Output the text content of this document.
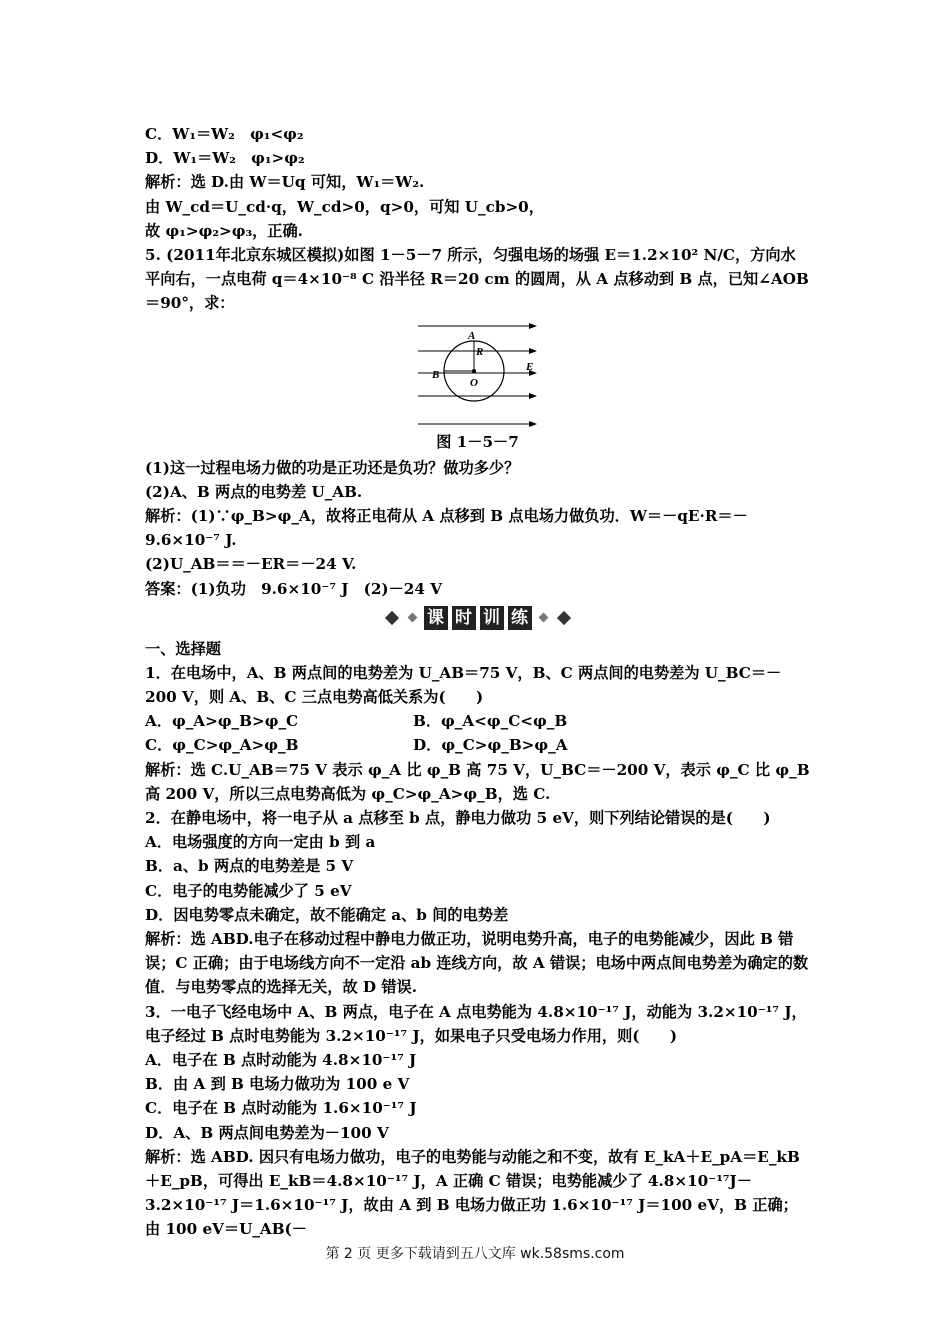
C．W₁＝W₂　φ₁<φ₂
D．W₁＝W₂　φ₁>φ₂
解析：选 D.由 W＝Uq 可知，W₁＝W₂.
由 W_cd＝U_cd·q，W_cd>0，q>0，可知 U_cb>0，
故 φ₁>φ₂>φ₃，正确.
5. (2011年北京东城区模拟)如图 1－5－7 所示，匀强电场的场强 E＝1.2×10² N/C，方向水平向右，一点电荷 q＝4×10⁻⁸ C 沿半径 R＝20 cm 的圆周，从 A 点移动到 B 点，已知∠AOB＝90°，求：
A
R
E
B
O
图 1－5－7
(1)这一过程电场力做的功是正功还是负功？做功多少？
(2)A、B 两点的电势差 U_AB.
解析：(1)∵φ_B>φ_A，故将正电荷从 A 点移到 B 点电场力做负功．W＝－qE·R＝－9.6×10⁻⁷ J.
(2)U_AB＝＝－ER＝－24 V.
答案：(1)负功　9.6×10⁻⁷ J　(2)－24 V
课 时 训 练
一、选择题
1．在电场中，A、B 两点间的电势差为 U_AB＝75 V，B、C 两点间的电势差为 U_BC＝－200 V，则 A、B、C 三点电势高低关系为(　　)
A．φ_A>φ_B>φ_C	B．φ_A<φ_C<φ_B
C．φ_C>φ_A>φ_B	D．φ_C>φ_B>φ_A
解析：选 C.U_AB＝75 V 表示 φ_A 比 φ_B 高 75 V，U_BC＝－200 V，表示 φ_C 比 φ_B 高 200 V，所以三点电势高低为 φ_C>φ_A>φ_B，选 C.
2．在静电场中，将一电子从 a 点移至 b 点，静电力做功 5 eV，则下列结论错误的是(　　)
A．电场强度的方向一定由 b 到 a
B．a、b 两点的电势差是 5 V
C．电子的电势能减少了 5 eV
D．因电势零点未确定，故不能确定 a、b 间的电势差
解析：选 ABD.电子在移动过程中静电力做正功，说明电势升高，电子的电势能减少，因此 B 错误；C 正确；由于电场线方向不一定沿 ab 连线方向，故 A 错误；电场中两点间电势差为确定的数值．与电势零点的选择无关，故 D 错误.
3．一电子飞经电场中 A、B 两点，电子在 A 点电势能为 4.8×10⁻¹⁷ J，动能为 3.2×10⁻¹⁷ J，电子经过 B 点时电势能为 3.2×10⁻¹⁷ J，如果电子只受电场力作用，则(　　)
A．电子在 B 点时动能为 4.8×10⁻¹⁷ J
B．由 A 到 B 电场力做功为 100 e V
C．电子在 B 点时动能为 1.6×10⁻¹⁷ J
D．A、B 两点间电势差为－100 V
解析：选 ABD. 因只有电场力做功，电子的电势能与动能之和不变，故有 E_kA＋E_pA＝E_kB＋E_pB，可得出 E_kB＝4.8×10⁻¹⁷ J，A 正确 C 错误；电势能减少了 4.8×10⁻¹⁷J－3.2×10⁻¹⁷ J＝1.6×10⁻¹⁷ J，故由 A 到 B 电场力做正功 1.6×10⁻¹⁷ J＝100 eV，B 正确；由 100 eV＝U_AB(－
第 2 页 更多下载请到五八文库 wk.58sms.com
